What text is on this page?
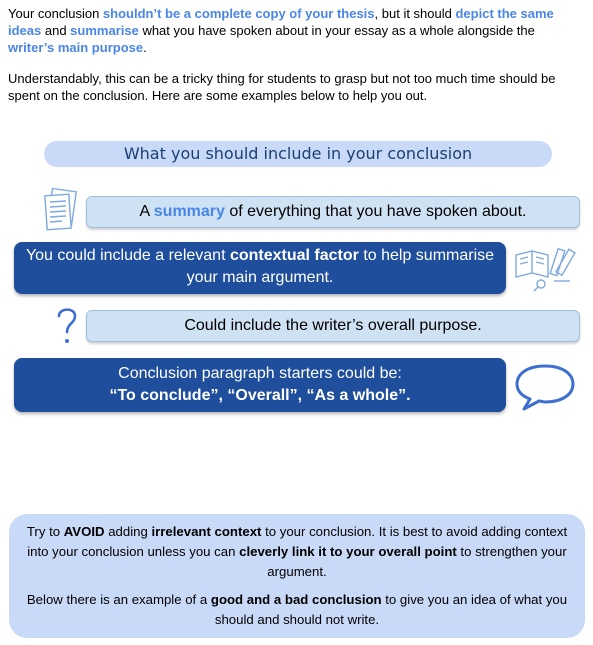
Your conclusion shouldn’t be a complete copy of your thesis, but it should depict the same ideas and summarise what you have spoken about in your essay as a whole alongside the writer’s main purpose.

Understandably, this can be a tricky thing for students to grasp but not too much time should be spent on the conclusion. Here are some examples below to help you out.

What you should include in your conclusion
A summary of everything that you have spoken about.
You could include a relevant contextual factor to help summarise your main argument.
Could include the writer’s overall purpose.
Conclusion paragraph starters could be:
“To conclude”, “Overall”, “As a whole”.

Try to AVOID adding irrelevant context to your conclusion. It is best to avoid adding context into your conclusion unless you can cleverly link it to your overall point to strengthen your argument.

Below there is an example of a good and a bad conclusion to give you an idea of what you should and should not write.
